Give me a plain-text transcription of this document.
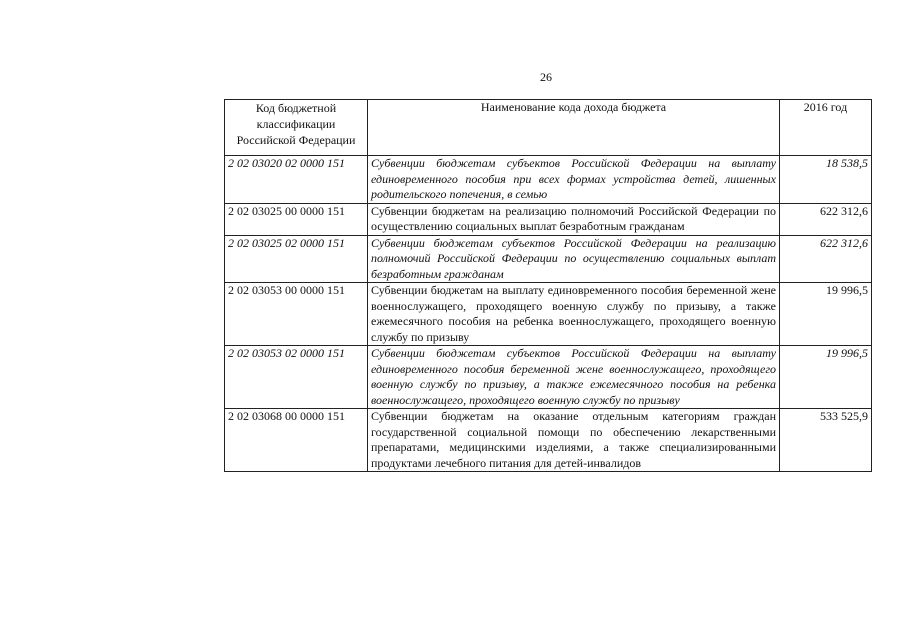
26
Код бюджетной классификации Российской Федерации	Наименование кода дохода бюджета	2016 год
2 02 03020 02 0000 151	Субвенции бюджетам субъектов Российской Федерации на выплату единовременного пособия при всех формах устройства детей, лишенных родительского попечения, в семью	18 538,5
2 02 03025 00 0000 151	Субвенции бюджетам на реализацию полномочий Российской Федерации по осуществлению социальных выплат безработным гражданам	622 312,6
2 02 03025 02 0000 151	Субвенции бюджетам субъектов Российской Федерации на реализацию полномочий Российской Федерации по осуществлению социальных выплат безработным гражданам	622 312,6
2 02 03053 00 0000 151	Субвенции бюджетам на выплату единовременного пособия беременной жене военнослужащего, проходящего военную службу по призыву, а также ежемесячного пособия на ребенка военнослужащего, проходящего военную службу по призыву	19 996,5
2 02 03053 02 0000 151	Субвенции бюджетам субъектов Российской Федерации на выплату единовременного пособия беременной жене военнослужащего, проходящего военную службу по призыву, а также ежемесячного пособия на ребенка военнослужащего, проходящего военную службу по призыву	19 996,5
2 02 03068 00 0000 151	Субвенции бюджетам на оказание отдельным категориям граждан государственной социальной помощи по обеспечению лекарственными препаратами, медицинскими изделиями, а также специализированными продуктами лечебного питания для детей-инвалидов	533 525,9
